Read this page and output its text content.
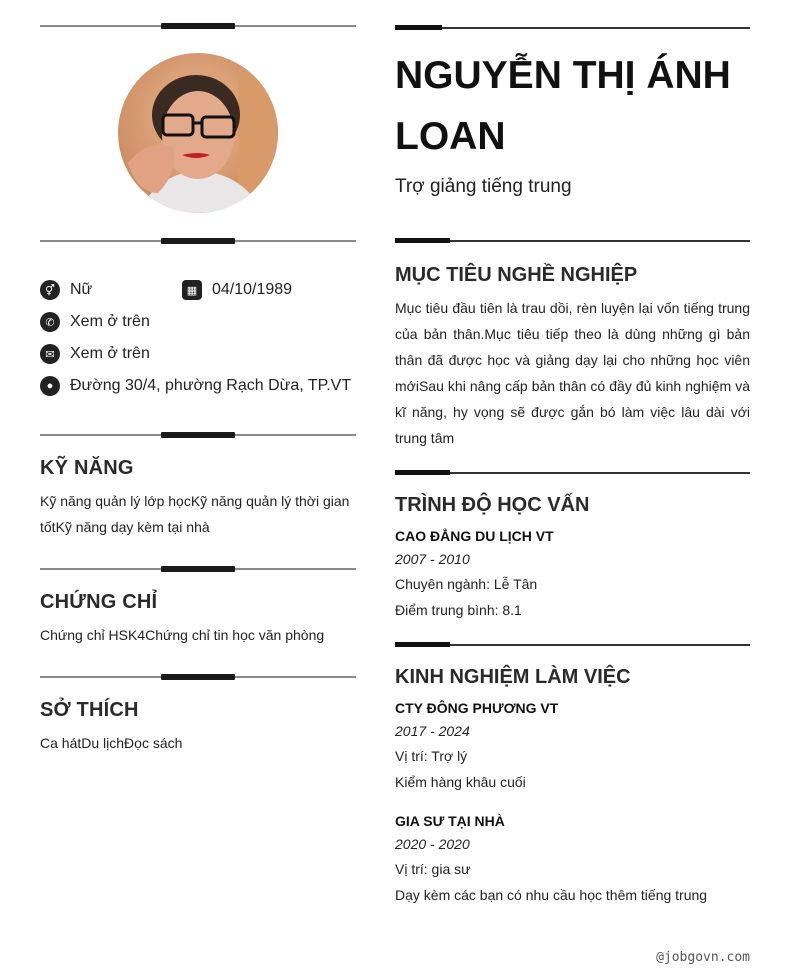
⚥ Nữ	▦ 04/10/1989
✆ Xem ở trên
✉ Xem ở trên
●	Đường 30/4, phường Rạch Dừa, TP.VT
KỸ NĂNG
Kỹ năng quản lý lớp họcKỹ năng quản lý thời gian tốtKỹ năng dạy kèm tại nhà
CHỨNG CHỈ
Chứng chỉ HSK4Chứng chỉ tin học văn phòng
SỞ THÍCH
Ca hátDu lịchĐọc sách
NGUYỄN THỊ ÁNH LOAN
Trợ giảng tiếng trung
MỤC TIÊU NGHỀ NGHIỆP
Mục tiêu đầu tiên là trau dồi, rèn luyện lại vốn tiếng trung của bản thân.Mục tiêu tiếp theo là dùng những gì bản thân đã được học và giảng dạy lại cho những học viên mớiSau khi nâng cấp bản thân có đầy đủ kinh nghiệm và kĩ năng, hy vọng sẽ được gắn bó làm việc lâu dài với trung tâm
TRÌNH ĐỘ HỌC VẤN
CAO ĐẲNG DU LỊCH VT
2007 - 2010
Chuyên ngành: Lễ Tân
Điểm trung bình: 8.1
KINH NGHIỆM LÀM VIỆC
CTY ĐÔNG PHƯƠNG VT
2017 - 2024
Vị trí: Trợ lý
Kiểm hàng khâu cuối
GIA SƯ TẠI NHÀ
2020 - 2020
Vị trí: gia sư
Dạy kèm các bạn có nhu cầu học thêm tiếng trung
@jobgovn.com
